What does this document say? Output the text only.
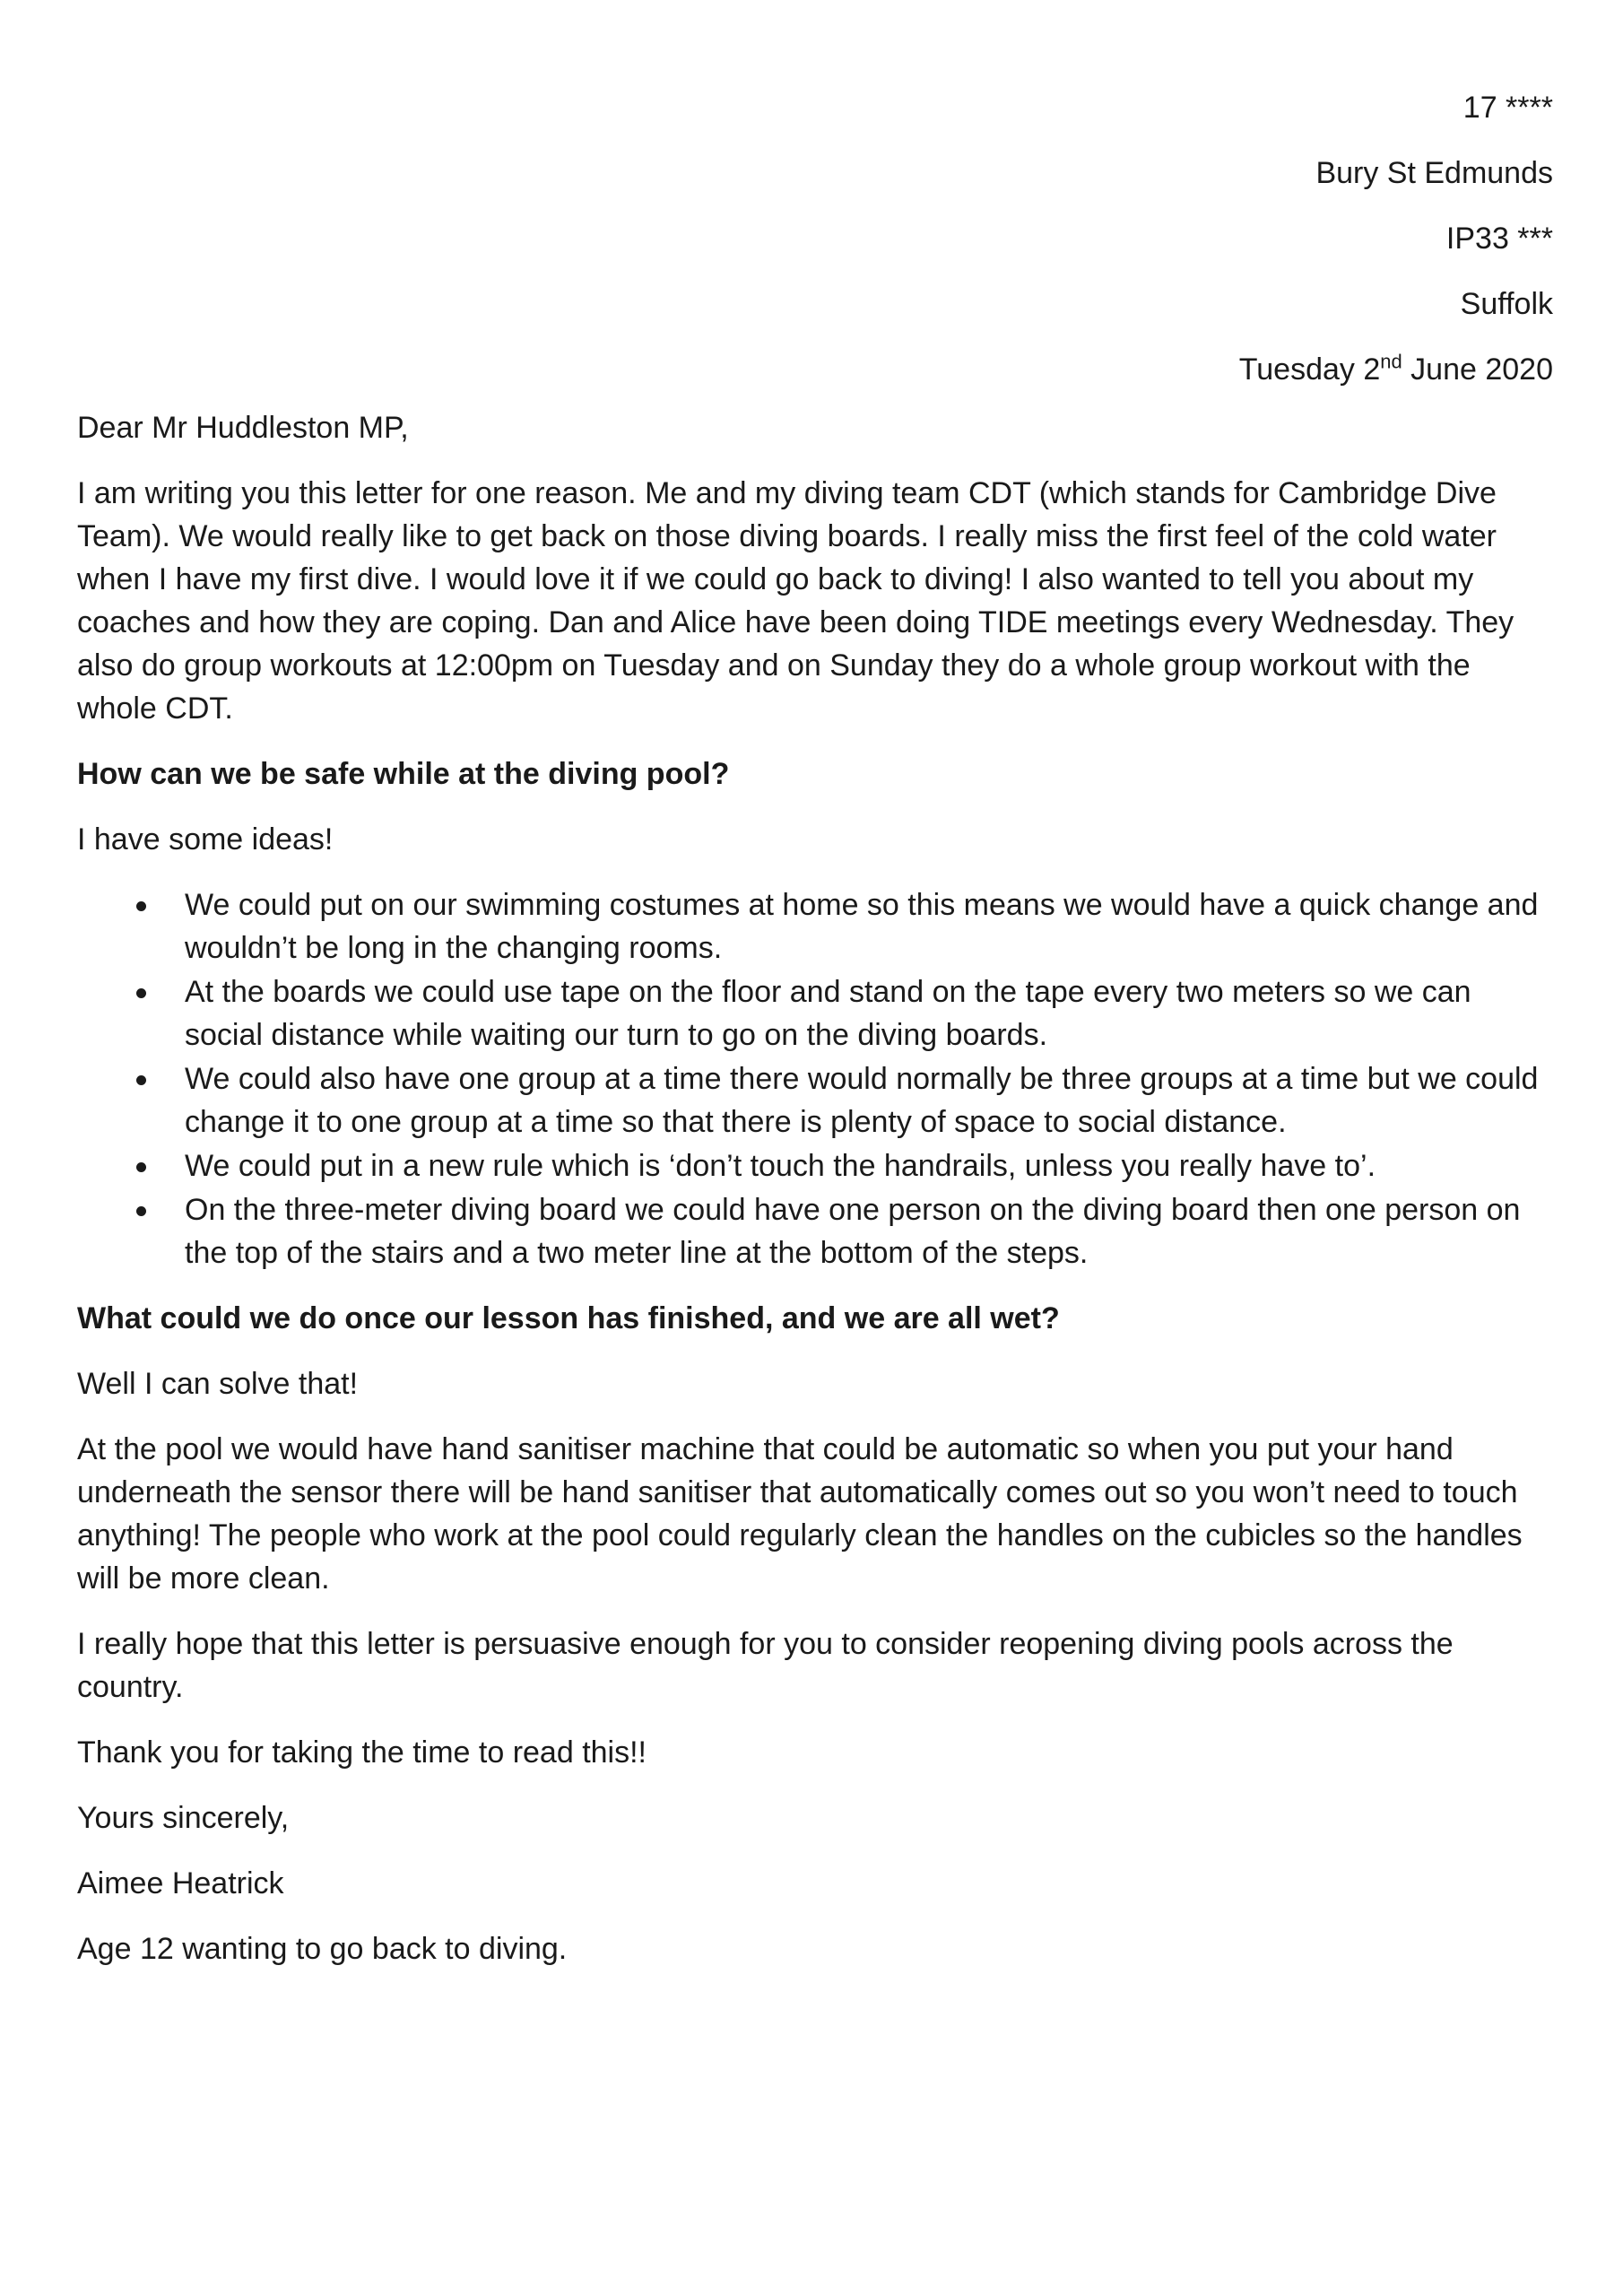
17 ****
Bury St Edmunds
IP33 ***
Suffolk
Tuesday 2nd June 2020

Dear Mr Huddleston MP,

I am writing you this letter for one reason. Me and my diving team CDT (which stands for Cambridge Dive Team). We would really like to get back on those diving boards. I really miss the first feel of the cold water when I have my first dive. I would love it if we could go back to diving! I also wanted to tell you about my coaches and how they are coping. Dan and Alice have been doing TIDE meetings every Wednesday. They also do group workouts at 12:00pm on Tuesday and on Sunday they do a whole group workout with the whole CDT.

How can we be safe while at the diving pool?

I have some ideas!

We could put on our swimming costumes at home so this means we would have a quick change and wouldn’t be long in the changing rooms.
At the boards we could use tape on the floor and stand on the tape every two meters so we can social distance while waiting our turn to go on the diving boards.
We could also have one group at a time there would normally be three groups at a time but we could change it to one group at a time so that there is plenty of space to social distance.
We could put in a new rule which is ‘don’t touch the handrails, unless you really have to’.
On the three-meter diving board we could have one person on the diving board then one person on the top of the stairs and a two meter line at the bottom of the steps.

What could we do once our lesson has finished, and we are all wet?

Well I can solve that!

At the pool we would have hand sanitiser machine that could be automatic so when you put your hand underneath the sensor there will be hand sanitiser that automatically comes out so you won’t need to touch anything! The people who work at the pool could regularly clean the handles on the cubicles so the handles will be more clean.

I really hope that this letter is persuasive enough for you to consider reopening diving pools across the country.

Thank you for taking the time to read this!!

Yours sincerely,

Aimee Heatrick

Age 12 wanting to go back to diving.
